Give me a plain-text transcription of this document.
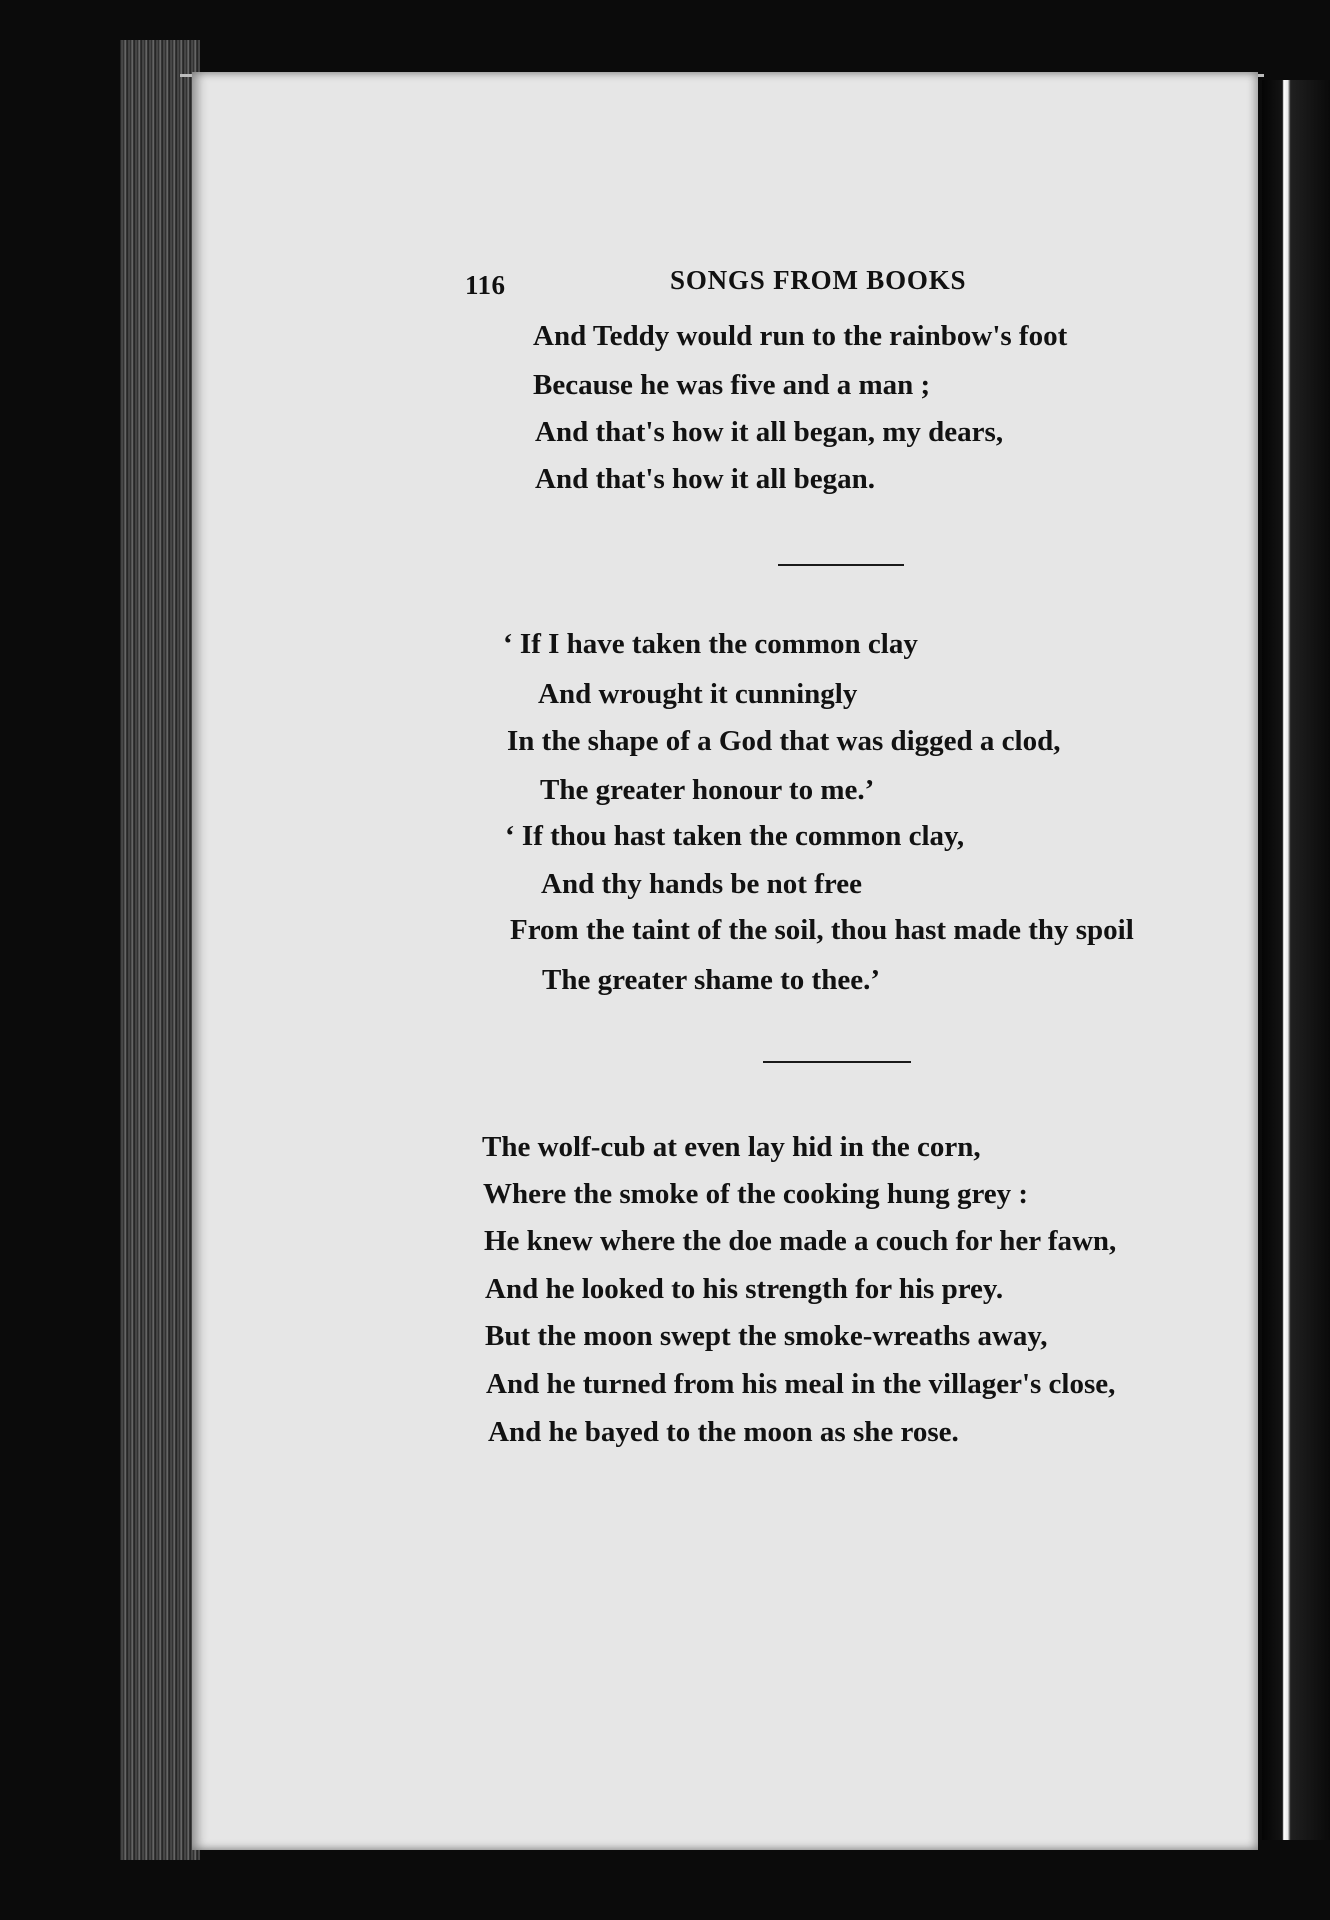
116	SONGS FROM BOOKS
And Teddy would run to the rainbow's foot
Because he was five and a man ;
And that's how it all began, my dears,
And that's how it all began.
‘ If I have taken the common clay
And wrought it cunningly
In the shape of a God that was digged a clod,
The greater honour to me.’
‘ If thou hast taken the common clay,
And thy hands be not free
From the taint of the soil, thou hast made thy spoil
The greater shame to thee.’
The wolf-cub at even lay hid in the corn,
Where the smoke of the cooking hung grey :
He knew where the doe made a couch for her fawn,
And he looked to his strength for his prey.
But the moon swept the smoke-wreaths away,
And he turned from his meal in the villager's close,
And he bayed to the moon as she rose.
